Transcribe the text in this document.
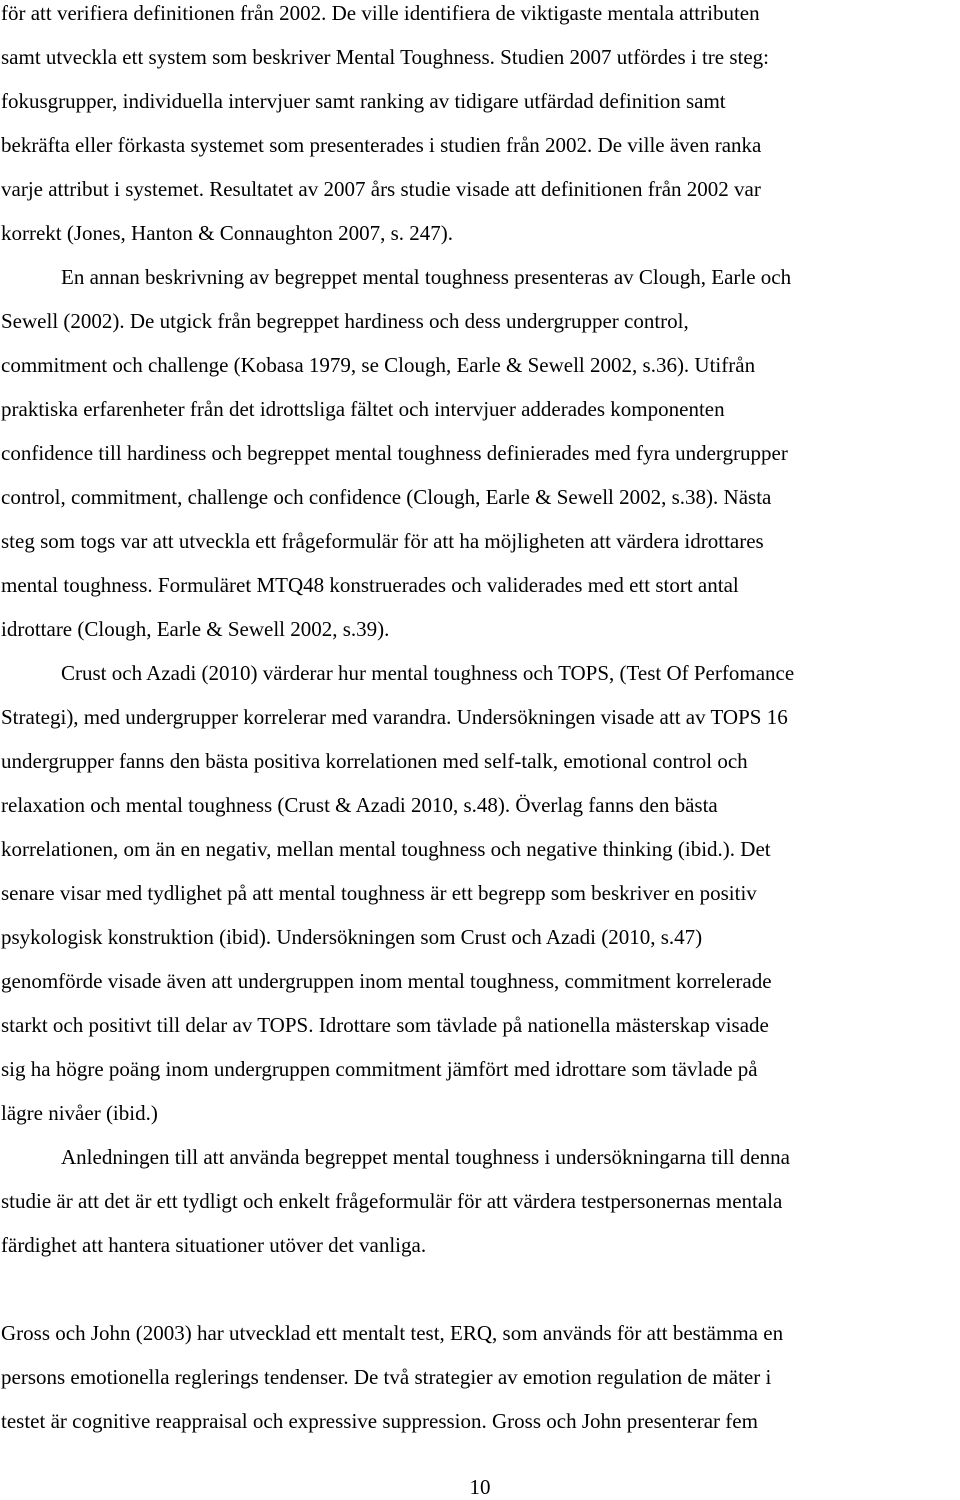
för att verifiera definitionen från 2002. De ville identifiera de viktigaste mentala attributen
samt utveckla ett system som beskriver Mental Toughness. Studien 2007 utfördes i tre steg:
fokusgrupper, individuella intervjuer samt ranking av tidigare utfärdad definition samt
bekräfta eller förkasta systemet som presenterades i studien från 2002. De ville även ranka
varje attribut i systemet. Resultatet av 2007 års studie visade att definitionen från 2002 var
korrekt (Jones, Hanton & Connaughton 2007, s. 247).
En annan beskrivning av begreppet mental toughness presenteras av Clough, Earle och
Sewell (2002). De utgick från begreppet hardiness och dess undergrupper control,
commitment och challenge (Kobasa 1979, se Clough, Earle & Sewell 2002, s.36). Utifrån
praktiska erfarenheter från det idrottsliga fältet och intervjuer adderades komponenten
confidence till hardiness och begreppet mental toughness definierades med fyra undergrupper
control, commitment, challenge och confidence (Clough, Earle & Sewell 2002, s.38). Nästa
steg som togs var att utveckla ett frågeformulär för att ha möjligheten att värdera idrottares
mental toughness. Formuläret MTQ48 konstruerades och validerades med ett stort antal
idrottare (Clough, Earle & Sewell 2002, s.39).
Crust och Azadi (2010) värderar hur mental toughness och TOPS, (Test Of Perfomance
Strategi), med undergrupper korrelerar med varandra. Undersökningen visade att av TOPS 16
undergrupper fanns den bästa positiva korrelationen med self-talk, emotional control och
relaxation och mental toughness (Crust & Azadi 2010, s.48). Överlag fanns den bästa
korrelationen, om än en negativ, mellan mental toughness och negative thinking (ibid.). Det
senare visar med tydlighet på att mental toughness är ett begrepp som beskriver en positiv
psykologisk konstruktion (ibid). Undersökningen som Crust och Azadi (2010, s.47)
genomförde visade även att undergruppen inom mental toughness, commitment korrelerade
starkt och positivt till delar av TOPS. Idrottare som tävlade på nationella mästerskap visade
sig ha högre poäng inom undergruppen commitment jämfört med idrottare som tävlade på
lägre nivåer (ibid.)
Anledningen till att använda begreppet mental toughness i undersökningarna till denna
studie är att det är ett tydligt och enkelt frågeformulär för att värdera testpersonernas mentala
färdighet att hantera situationer utöver det vanliga.
Gross och John (2003) har utvecklad ett mentalt test, ERQ, som används för att bestämma en
persons emotionella reglerings tendenser. De två strategier av emotion regulation de mäter i
testet är cognitive reappraisal och expressive suppression. Gross och John presenterar fem
10
